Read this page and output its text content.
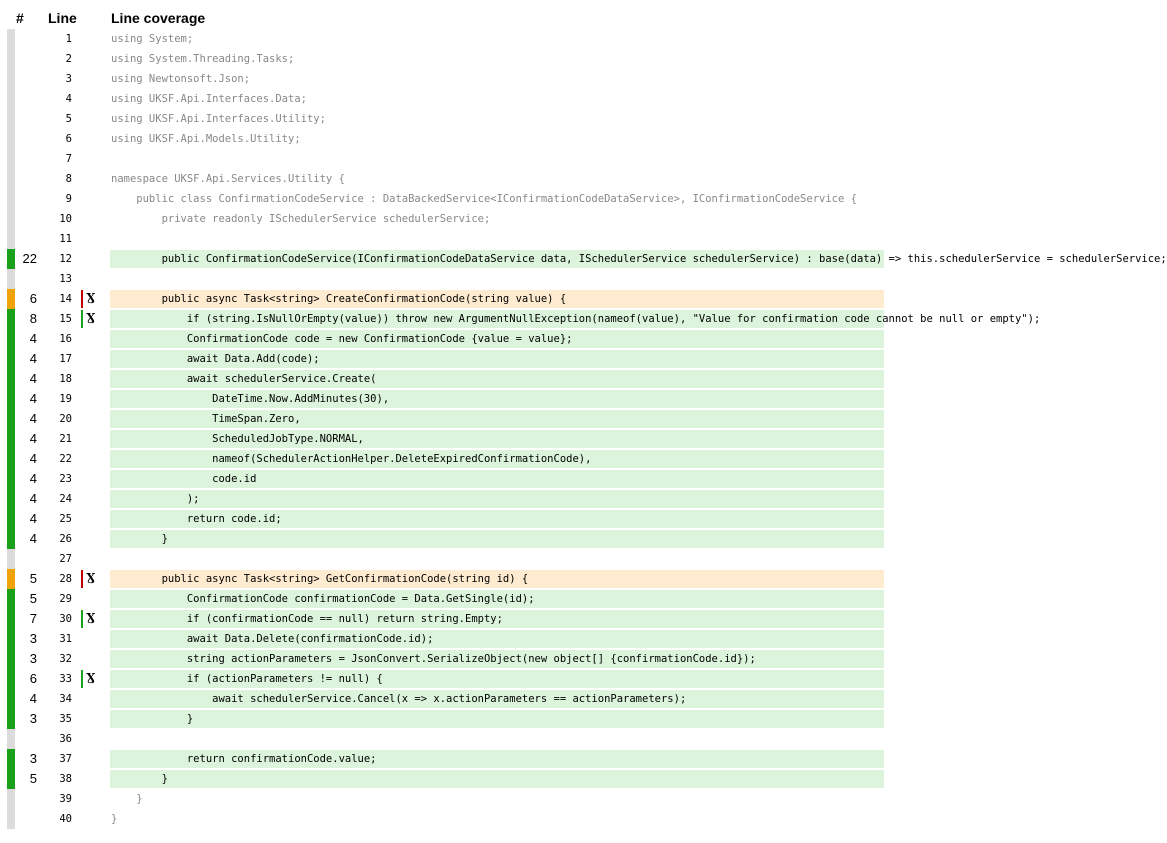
# Line Line coverage
1	using System;
2	using System.Threading.Tasks;
3	using Newtonsoft.Json;
4	using UKSF.Api.Interfaces.Data;
5	using UKSF.Api.Interfaces.Utility;
6	using UKSF.Api.Models.Utility;
7
8	namespace UKSF.Api.Services.Utility {
9	public class ConfirmationCodeService : DataBackedService<IConfirmationCodeDataService>, IConfirmationCodeService {
10	private readonly ISchedulerService schedulerService;
11
22	12	public ConfirmationCodeService(IConfirmationCodeDataService data, ISchedulerService schedulerService) : base(data) => this.schedulerService = schedulerService;
13
6	14 Ɣ public async Task<string> CreateConfirmationCode(string value) {
8	15 Ɣ if (string.IsNullOrEmpty(value)) throw new ArgumentNullException(nameof(value), "Value for confirmation code cannot be null or empty");
4	16	ConfirmationCode code = new ConfirmationCode {value = value};
4	17	await Data.Add(code);
4	18	await schedulerService.Create(
4	19	DateTime.Now.AddMinutes(30),
4	20	TimeSpan.Zero,
4	21	ScheduledJobType.NORMAL,
4	22	nameof(SchedulerActionHelper.DeleteExpiredConfirmationCode),
4	23	code.id
4	24	);
4	25	return code.id;
4	26	}
27
5	28 Ɣ public async Task<string> GetConfirmationCode(string id) {
5	29	ConfirmationCode confirmationCode = Data.GetSingle(id);
7	30 Ɣ if (confirmationCode == null) return string.Empty;
3	31	await Data.Delete(confirmationCode.id);
3	32	string actionParameters = JsonConvert.SerializeObject(new object[] {confirmationCode.id});
6	33 Ɣ if (actionParameters != null) {
4	34	await schedulerService.Cancel(x => x.actionParameters == actionParameters);
3	35	}
36
3	37	return confirmationCode.value;
5	38	}
39	}
40	}
